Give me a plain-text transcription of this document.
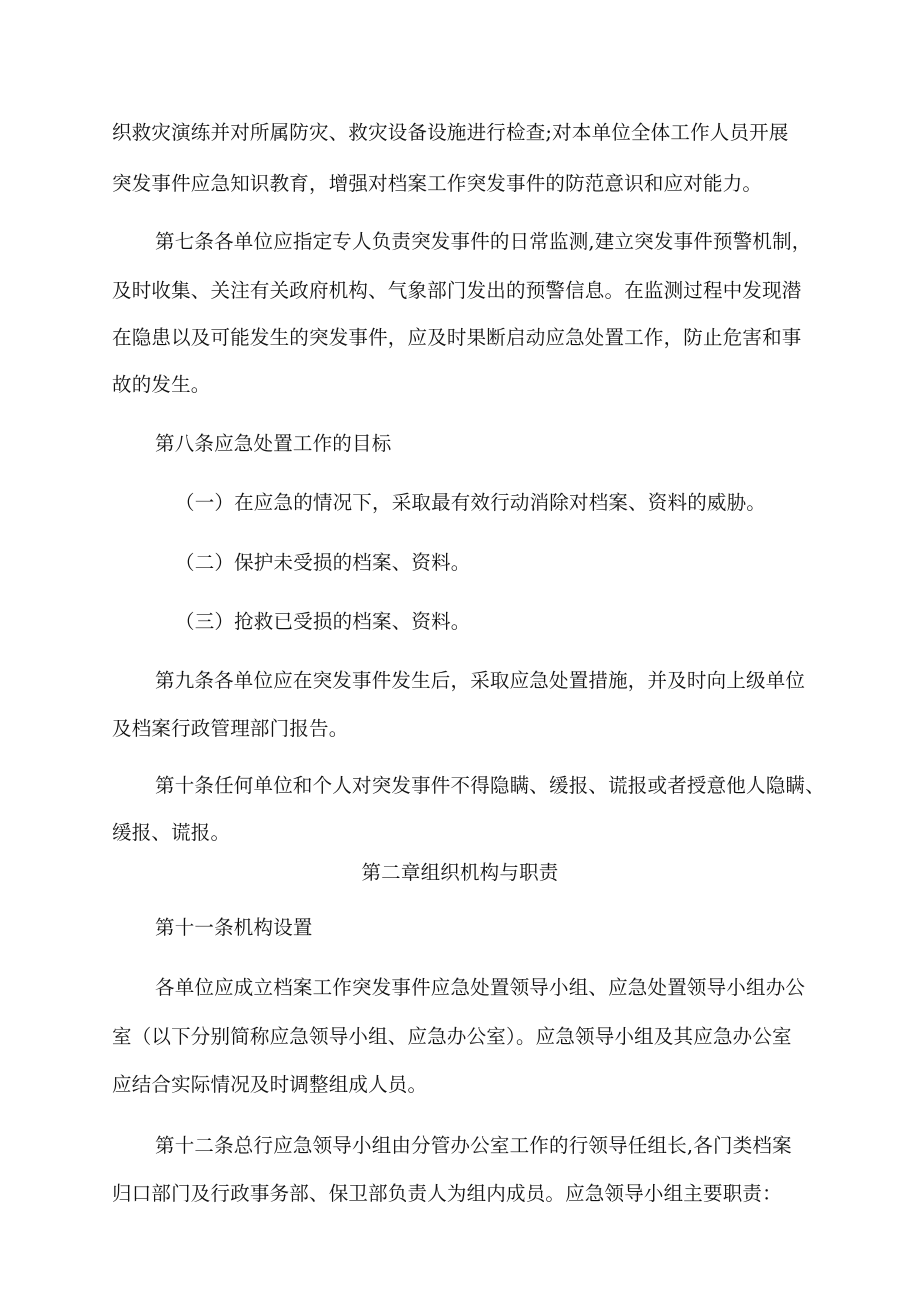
织救灾演练并对所属防灾、救灾设备设施进行检查;对本单位全体工作人员开展
突发事件应急知识教育，增强对档案工作突发事件的防范意识和应对能力。
第七条各单位应指定专人负责突发事件的日常监测,建立突发事件预警机制，
及时收集、关注有关政府机构、气象部门发出的预警信息。在监测过程中发现潜
在隐患以及可能发生的突发事件，应及时果断启动应急处置工作，防止危害和事
故的发生。
第八条应急处置工作的目标
（一）在应急的情况下，采取最有效行动消除对档案、资料的威胁。
（二）保护未受损的档案、资料。
（三）抢救已受损的档案、资料。
第九条各单位应在突发事件发生后，采取应急处置措施，并及时向上级单位
及档案行政管理部门报告。
第十条任何单位和个人对突发事件不得隐瞒、缓报、谎报或者授意他人隐瞒、
缓报、谎报。
第二章组织机构与职责
第十一条机构设置
各单位应成立档案工作突发事件应急处置领导小组、应急处置领导小组办公
室（以下分别简称应急领导小组、应急办公室）。应急领导小组及其应急办公室
应结合实际情况及时调整组成人员。
第十二条总行应急领导小组由分管办公室工作的行领导任组长,各门类档案
归口部门及行政事务部、保卫部负责人为组内成员。应急领导小组主要职责：
